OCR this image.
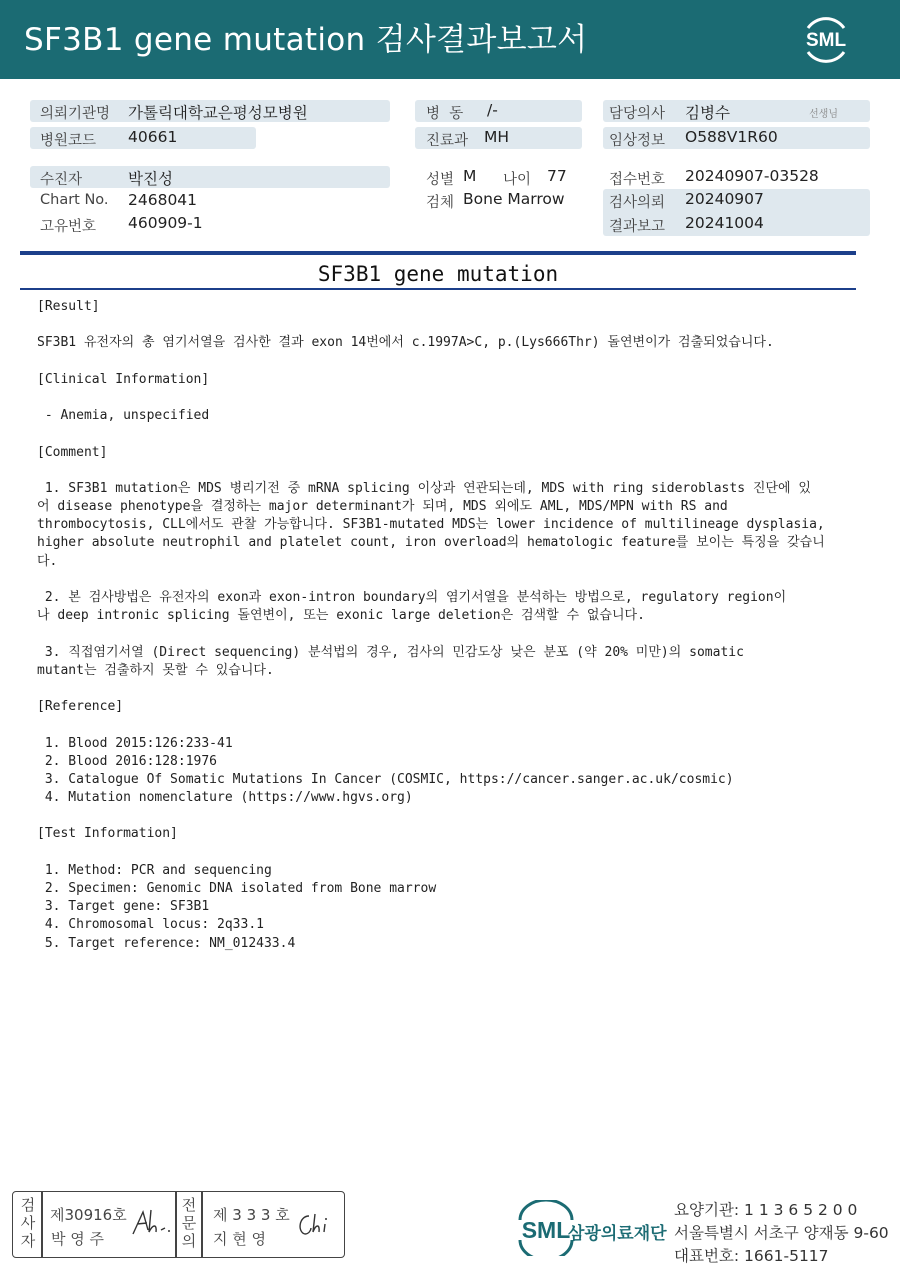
SF3B1 gene mutation 검사결과보고서	SML
의뢰기관명 가톨릭대학교은평성모병원
병원코드 40661
병  동 /-
진료과 MH
담당의사 김병수	선생님
임상정보 O588V1R60
수진자	박진성
Chart No. 2468041
고유번호 460909-1
성별 M 나이 77
검체 Bone Marrow
접수번호 20240907-03528
검사의뢰 20240907
결과보고 20241004
SF3B1 gene mutation
[Result]
SF3B1 유전자의 총 염기서열을 검사한 결과 exon 14번에서 c.1997A>C, p.(Lys666Thr) 돌연변이가 검출되었습니다.
[Clinical Information]
- Anemia, unspecified
[Comment]
1. SF3B1 mutation은 MDS 병리기전 중 mRNA splicing 이상과 연관되는데, MDS with ring sideroblasts 진단에 있
어 disease phenotype을 결정하는 major determinant가 되며, MDS 외에도 AML, MDS/MPN with RS and
thrombocytosis, CLL에서도 관찰 가능합니다. SF3B1-mutated MDS는 lower incidence of multilineage dysplasia,
higher absolute neutrophil and platelet count, iron overload의 hematologic feature를 보이는 특징을 갖습니
다.
2. 본 검사방법은 유전자의 exon과 exon-intron boundary의 염기서열을 분석하는 방법으로, regulatory region이
나 deep intronic splicing 돌연변이, 또는 exonic large deletion은 검색할 수 없습니다.
3. 직접염기서열 (Direct sequencing) 분석법의 경우, 검사의 민감도상 낮은 분포 (약 20% 미만)의 somatic
mutant는 검출하지 못할 수 있습니다.
[Reference]
1. Blood 2015:126:233-41
2. Blood 2016:128:1976
3. Catalogue Of Somatic Mutations In Cancer (COSMIC, https://cancer.sanger.ac.uk/cosmic)
4. Mutation nomenclature (https://www.hgvs.org)
[Test Information]
1. Method: PCR and sequencing
2. Specimen: Genomic DNA isolated from Bone marrow
3. Target gene: SF3B1
4. Chromosomal locus: 2q33.1
5. Target reference: NM_012433.4
검
사
자
제30916호
박 영 주
전
문
의
제 3 3 3 호
지 현 영	SML
삼광의료재단
요양기관: 1 1 3 6 5 2 0 0
서울특별시 서초구 양재동 9-60
대표번호: 1661-5117
